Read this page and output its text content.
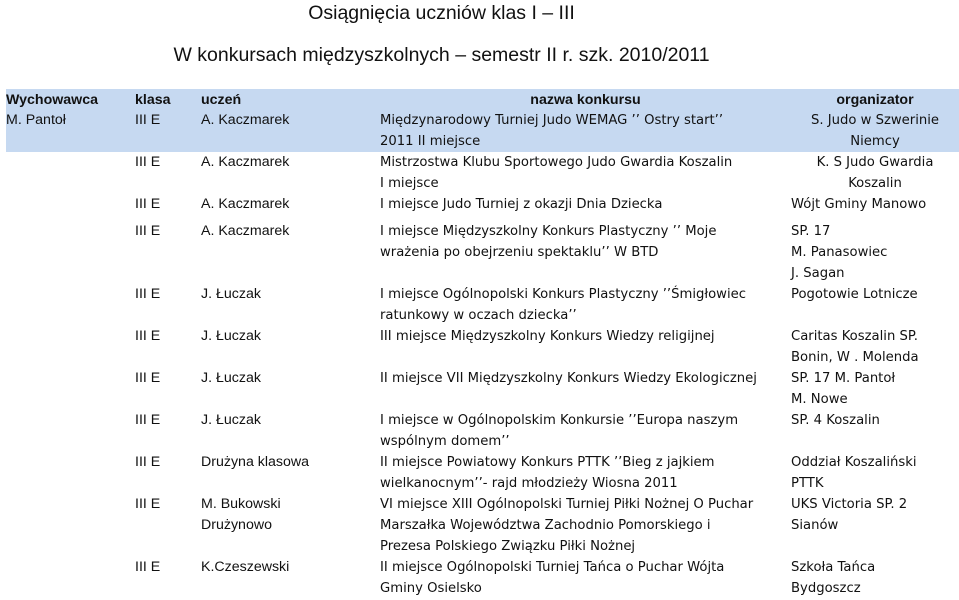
Osiągnięcia uczniów klas I – III
W konkursach międzyszkolnych – semestr II r. szk. 2010/2011
Wychowawca	klasa	uczeń	nazwa konkursu	organizator
M. Pantoł	III E	A. Kaczmarek	Międzynarodowy Turniej Judo WEMAG ’’ Ostry start’’
2011 II miejsce	S. Judo w Szwerinie
Niemcy
	III E	A. Kaczmarek	Mistrzostwa Klubu Sportowego Judo Gwardia Koszalin
I miejsce	K. S Judo Gwardia
Koszalin
	III E	A. Kaczmarek	I miejsce Judo Turniej z okazji Dnia Dziecka	Wójt Gminy Manowo
	III E	A. Kaczmarek	I miejsce Międzyszkolny Konkurs Plastyczny ’’ Moje
wrażenia po obejrzeniu spektaklu’’ W BTD	SP. 17
M. Panasowiec
J. Sagan
	III E	J. Łuczak	I miejsce Ogólnopolski Konkurs Plastyczny ’’Śmigłowiec
ratunkowy w oczach dziecka’’	Pogotowie Lotnicze
	III E	J. Łuczak	III miejsce Międzyszkolny Konkurs Wiedzy religijnej	Caritas Koszalin SP.
Bonin, W . Molenda
	III E	J. Łuczak	II miejsce VII Międzyszkolny Konkurs Wiedzy Ekologicznej	SP. 17 M. Pantoł
M. Nowe
	III E	J. Łuczak	I miejsce w Ogólnopolskim Konkursie ’’Europa naszym
wspólnym domem’’	SP. 4 Koszalin
	III E	Drużyna klasowa	II miejsce Powiatowy Konkurs PTTK ’’Bieg z jajkiem
wielkanocnym’’- rajd młodzieży Wiosna 2011	Oddział Koszaliński
PTTK
	III E	M. Bukowski
Drużynowo	VI miejsce XIII Ogólnopolski Turniej Piłki Nożnej O Puchar
Marszałka Województwa Zachodnio Pomorskiego i
Prezesa Polskiego Związku Piłki Nożnej	UKS Victoria SP. 2
Sianów
	III E	K.Czeszewski	II miejsce Ogólnopolski Turniej Tańca o Puchar Wójta
Gminy Osielsko	Szkoła Tańca
Bydgoszcz
